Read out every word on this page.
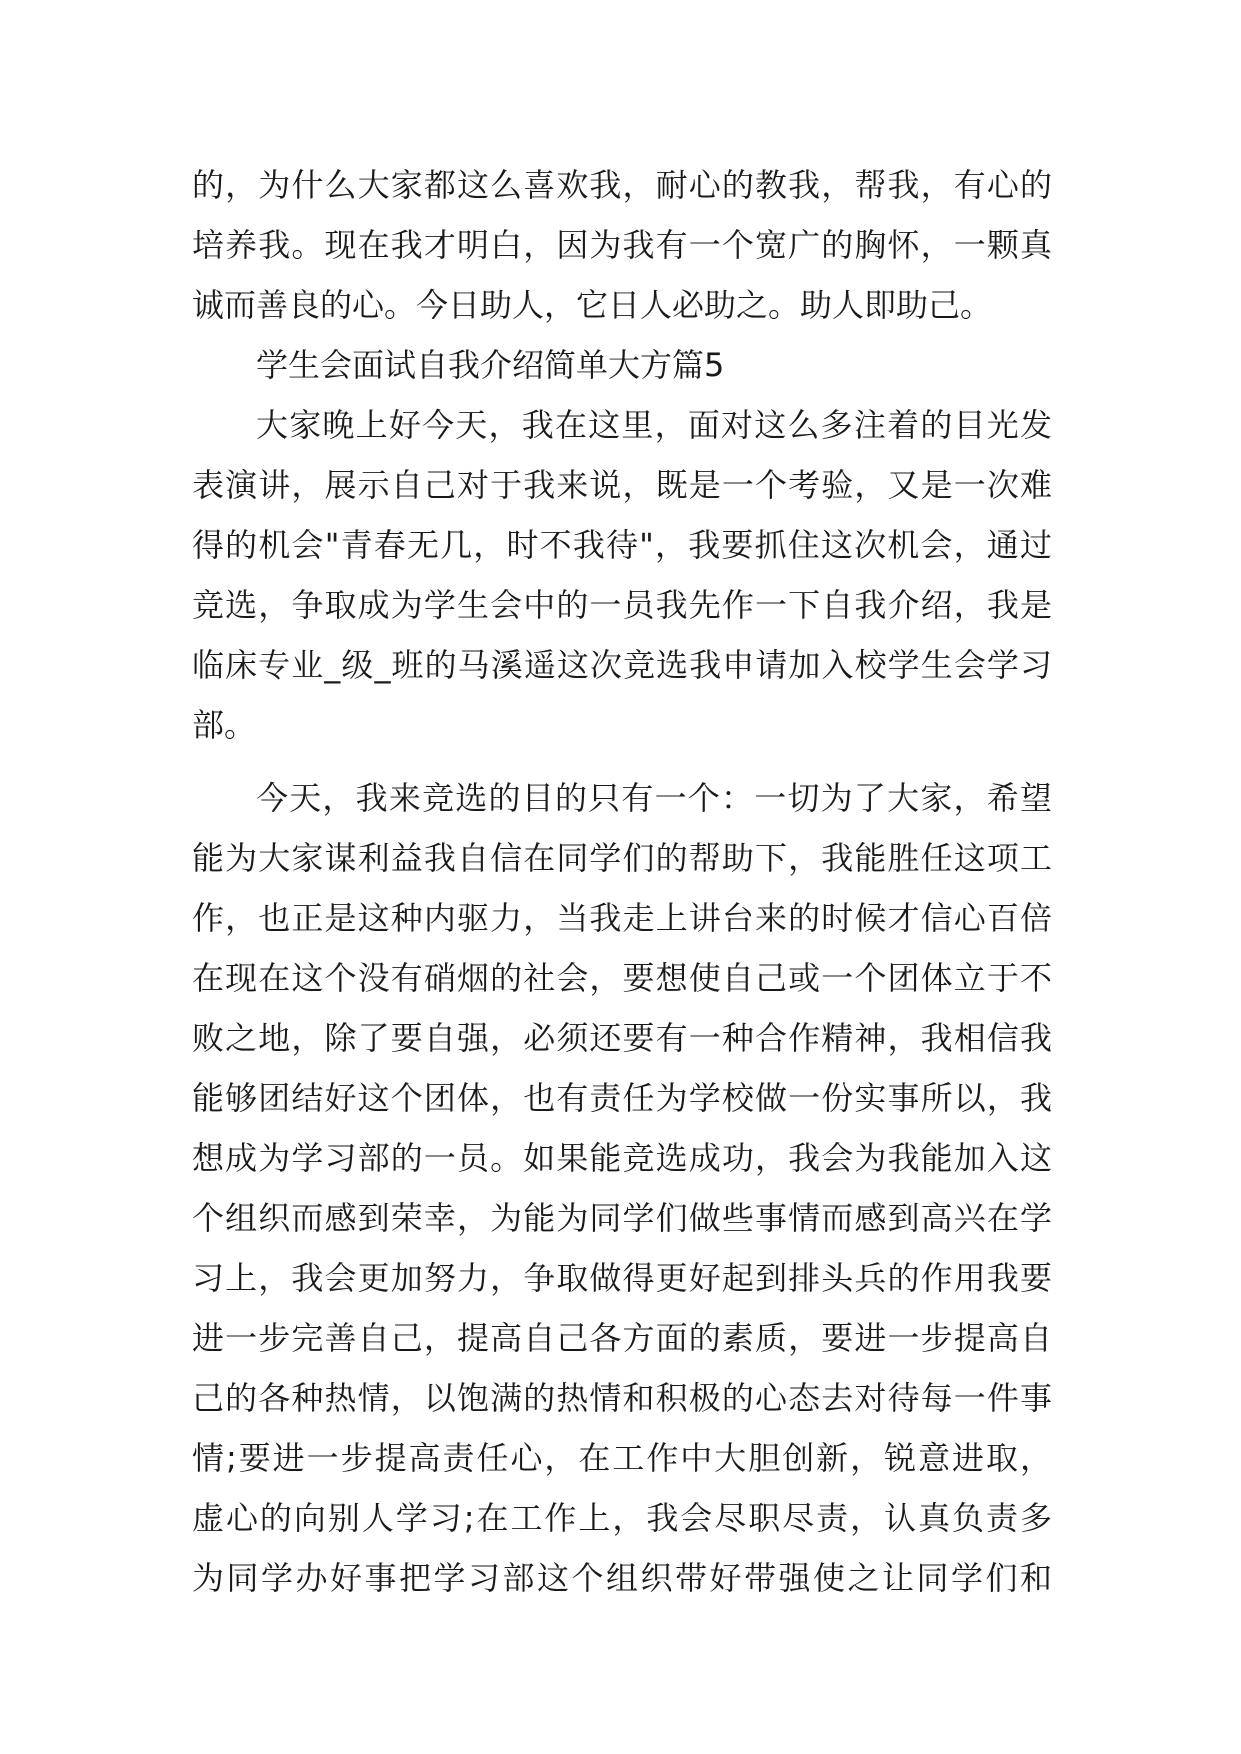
的，为什么大家都这么喜欢我，耐心的教我，帮我，有心的
培养我。现在我才明白，因为我有一个宽广的胸怀，一颗真
诚而善良的心。今日助人，它日人必助之。助人即助己。
学生会面试自我介绍简单大方篇5
大家晚上好今天，我在这里，面对这么多注着的目光发
表演讲，展示自己对于我来说，既是一个考验，又是一次难
得的机会"青春无几，时不我待"，我要抓住这次机会，通过
竞选，争取成为学生会中的一员我先作一下自我介绍，我是
临床专业_级_班的马溪遥这次竞选我申请加入校学生会学习
部。
今天，我来竞选的目的只有一个：一切为了大家，希望
能为大家谋利益我自信在同学们的帮助下，我能胜任这项工
作，也正是这种内驱力，当我走上讲台来的时候才信心百倍
在现在这个没有硝烟的社会，要想使自己或一个团体立于不
败之地，除了要自强，必须还要有一种合作精神，我相信我
能够团结好这个团体，也有责任为学校做一份实事所以，我
想成为学习部的一员。如果能竞选成功，我会为我能加入这
个组织而感到荣幸，为能为同学们做些事情而感到高兴在学
习上，我会更加努力，争取做得更好起到排头兵的作用我要
进一步完善自己，提高自己各方面的素质，要进一步提高自
己的各种热情，以饱满的热情和积极的心态去对待每一件事
情;要进一步提高责任心，在工作中大胆创新，锐意进取，
虚心的向别人学习;在工作上，我会尽职尽责，认真负责多
为同学办好事把学习部这个组织带好带强使之让同学们和
